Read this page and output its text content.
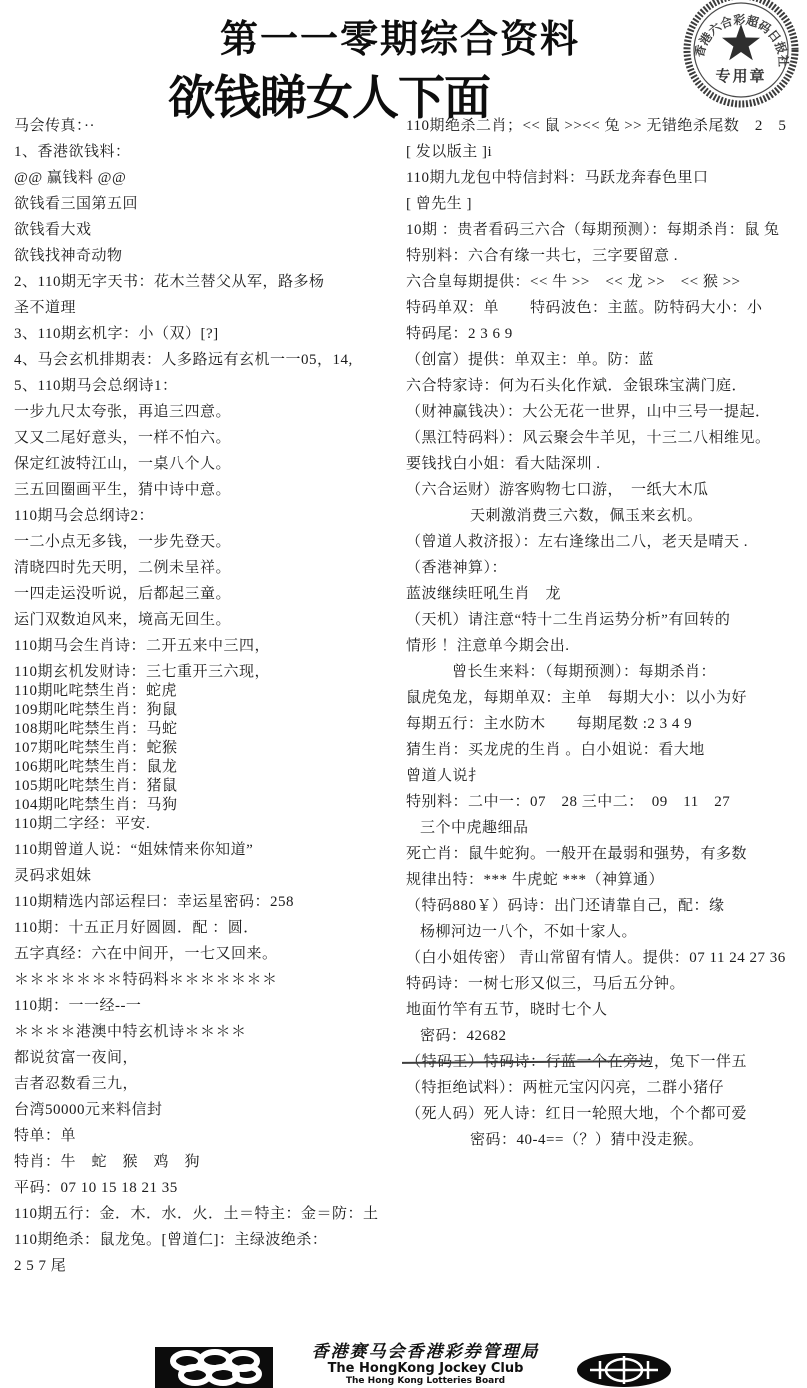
第一一零期综合资料
欲钱睇女人下面
香港六合彩超码日报社
专用章
马会传真：··
1、香港欲钱料：
@@ 赢钱料 @@
欲钱看三国第五回
欲钱看大戏
欲钱找神奇动物
2、110期无字天书：花木兰替父从军，路多杨
圣不道理
3、110期玄机字：小（双）[?]
4、马会玄机排期表：人多路远有玄机一一05，14,
5、110期马会总纲诗1：
一步九尺太夸张，再追三四意。
又又二尾好意头，一样不怕六。
保定红波特江山，一桌八个人。
三五回圈画平生，猜中诗中意。
110期马会总纲诗2：
一二小点无多钱，一步先登天。
清晓四时先天明，二例未呈祥。
一四走运没听说，后都起三童。
运门双数迫风来，境高无回生。
110期马会生肖诗：二开五来中三四，
110期玄机发财诗：三七重开三六现，
110期叱咤禁生肖：蛇虎
109期叱咤禁生肖：狗鼠
108期叱咤禁生肖：马蛇
107期叱咤禁生肖：蛇猴
106期叱咤禁生肖：鼠龙
105期叱咤禁生肖：猪鼠
104期叱咤禁生肖：马狗
110期二字经：平安.
110期曾道人说：“姐妹情来你知道”
灵码求姐妹
110期精选内部运程曰：幸运星密码：258
110期：十五正月好圆圆．配 ：圆．
五字真经：六在中间开，一七又回来。
＊＊＊＊＊＊＊特码料＊＊＊＊＊＊＊
110期：一一经--一
＊＊＊＊港澳中特玄机诗＊＊＊＊
都说贫富一夜间，
吉者忍数看三九，
台湾50000元来料信封
特单：单
特肖：牛　蛇　猴　鸡　狗
平码：07 10 15 18 21 35
110期五行：金．木．水．火．土＝特主：金＝防：土
110期绝杀：鼠龙兔。[曾道仁]：主绿波绝杀：
2 5 7 尾
110期绝杀二肖；<< 鼠 >><< 兔 >> 无错绝杀尾数　2　5
[ 发以版主 ]i
110期九龙包中特信封料：马跃龙奔春色里口
[ 曾先生 ]
10期 ：贵者看码三六合（每期预测）：每期杀肖：鼠 兔
特别料：六合有缘一共七，三字要留意 .
六合皇每期提供：<< 牛 >>　<< 龙 >>　<< 猴 >>
特码单双：单　　特码波色：主蓝。防特码大小：小
特码尾：2 3 6 9
（创富）提供：单双主：单。防：蓝
六合特家诗：何为石头化作斌．金银珠宝满门庭．
（财神赢钱决）：大公无花一世界，山中三号一提起．
（黑江特码料）：风云聚会牛羊见，十三二八相维见。
要钱找白小姐：看大陆深圳 .
（六合运财）游客购物七口游，　一纸大木瓜
天刺激消费三六数，佩玉来玄机。
（曾道人救济报）：左右逢缘出二八，老天是晴天 .
（香港神算）：
蓝波继续旺吼生肖　龙
（天机）请注意“特十二生肖运势分析”有回转的
情形 ！注意单今期会出.
曾长生来料：（每期预测）：每期杀肖：
鼠虎兔龙，每期单双：主单　每期大小：以小为好
每期五行：主水防木　　每期尾数 :2 3 4 9
猜生肖：买龙虎的生肖 。白小姐说：看大地
曾道人说扌
特别料：二中一：07　28 三中二：　09　11　27
三个中虎趣细品
死亡肖：鼠牛蛇狗。一般开在最弱和强势，有多数
规律出特：*** 牛虎蛇 ***（神算通）
（特码880￥）码诗：出门还请靠自己，配：缘
杨柳河边一八个，不如十家人。
（白小姐传密） 青山常留有情人。提供：07 11 24 27 36
特码诗：一树七形又似三，马后五分钟。
地面竹竿有五节，晓时七个人
密码：42682
（特码王）特码诗：行蓝一个在旁边，兔下一伴五
（特拒绝试料）：两桩元宝闪闪亮，二群小猪仔
（死人码）死人诗：红日一轮照大地，个个都可爱
密码：40-4==（？）猜中没走猴。
香港赛马会香港彩券管理局
The HongKong Jockey Club
The Hong Kong Lotteries Board
